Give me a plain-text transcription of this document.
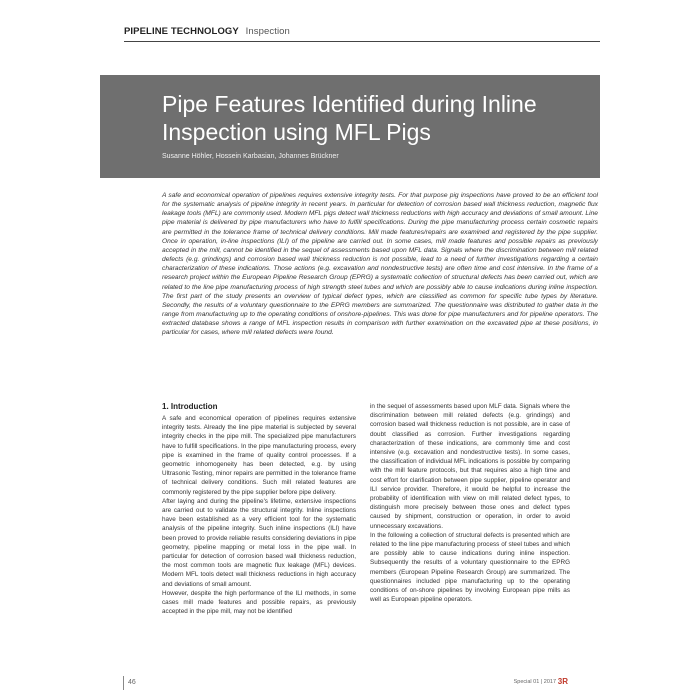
PIPELINE TECHNOLOGY Inspection
Pipe Features Identified during Inline Inspection using MFL Pigs
Susanne Höhler, Hossein Karbasian, Johannes Brückner
A safe and economical operation of pipelines requires extensive integrity tests. For that purpose pig inspections have proved to be an efficient tool for the systematic analysis of pipeline integrity in recent years. In particular for detection of corrosion based wall thickness reduction, magnetic flux leakage tools (MFL) are commonly used. Modern MFL pigs detect wall thickness reductions with high accuracy and deviations of small amount. Line pipe material is delivered by pipe manufacturers who have to fulfill specifications. During the pipe manufacturing process certain cosmetic repairs are permitted in the tolerance frame of technical delivery conditions. Mill made features/repairs are examined and registered by the pipe supplier. Once in operation, in-line inspections (ILI) of the pipeline are carried out. In some cases, mill made features and possible repairs as previously accepted in the mill, cannot be identified in the sequel of assessments based upon MFL data. Signals where the discrimination between mill related defects (e.g. grindings) and corrosion based wall thickness reduction is not possible, lead to a need of further investigations regarding a certain characterization of these indications. Those actions (e.g. excavation and nondestructive tests) are often time and cost intensive. In the frame of a research project within the European Pipeline Research Group (EPRG) a systematic collection of structural defects has been carried out, which are related to the line pipe manufacturing process of high strength steel tubes and which are possibly able to cause indications during inline inspection. The first part of the study presents an overview of typical defect types, which are classified as common for specific tube types by literature. Secondly, the results of a voluntary questionnaire to the EPRG members are summarized. The questionnaire was distributed to gather data in the range from manufacturing up to the operating conditions of onshore-pipelines. This was done for pipe manufacturers and for pipeline operators. The extracted database shows a range of MFL inspection results in comparison with further examination on the excavated pipe at these positions, in particular for cases, where mill related defects were found.
1. Introduction

A safe and economical operation of pipelines requires extensive integrity tests. Already the line pipe material is subjected by several integrity checks in the pipe mill. The specialized pipe manufacturers have to fulfill specifications. In the pipe manufacturing process, every pipe is examined in the frame of quality control processes. If a geometric inhomogeneity has been detected, e.g. by using Ultrasonic Testing, minor repairs are permitted in the tolerance frame of technical delivery conditions. Such mill related features are commonly registered by the pipe supplier before pipe delivery.

After laying and during the pipeline's lifetime, extensive inspections are carried out to validate the structural integrity. Inline inspections have been established as a very efficient tool for the systematic analysis of the pipeline integrity. Such inline inspections (ILI) have been proved to provide reliable results considering deviations in pipe geometry, pipeline mapping or metal loss in the pipe wall. In particular for detection of corrosion based wall thickness reduction, the most common tools are magnetic flux leakage (MFL) devices. Modern MFL tools detect wall thickness reductions in high accuracy and deviations of small amount.

However, despite the high performance of the ILI methods, in some cases mill made features and possible repairs, as previously accepted in the pipe mill, may not be identified

in the sequel of assessments based upon MLF data. Signals where the discrimination between mill related defects (e.g. grindings) and corrosion based wall thickness reduction is not possible, are in case of doubt classified as corrosion. Further investigations regarding characterization of these indications, are commonly time and cost intensive (e.g. excavation and nondestructive tests). In some cases, the classification of individual MFL indications is possible by comparing with the mill feature protocols, but that requires also a high time and cost effort for clarification between pipe supplier, pipeline operator and ILI service provider. Therefore, it would be helpful to increase the probability of identification with view on mill related defect types, to distinguish more precisely between those ones and defect types caused by shipment, construction or operation, in order to avoid unnecessary excavations.

In the following a collection of structural defects is presented which are related to the line pipe manufacturing process of steel tubes and which are possibly able to cause indications during inline inspection. Subsequently the results of a voluntary questionnaire to the EPRG members (European Pipeline Research Group) are summarized. The questionnaires included pipe manufacturing up to the operating conditions of on-shore pipelines by involving European pipe mills as well as European pipeline operators.

46	Special 01 | 2017 3R
